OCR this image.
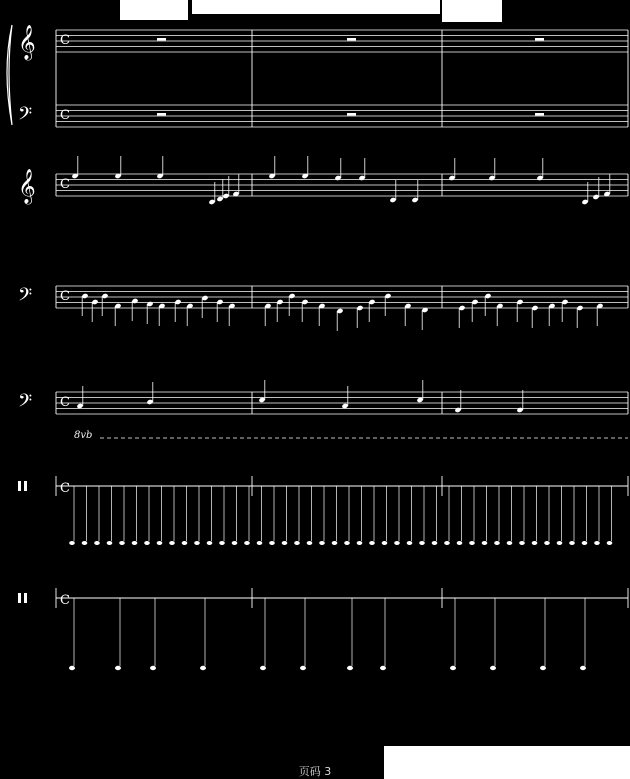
𝄞
𝄢
C
C
𝄞 C
𝄢 C
𝄢 C
C
C
8vb
页码 3
